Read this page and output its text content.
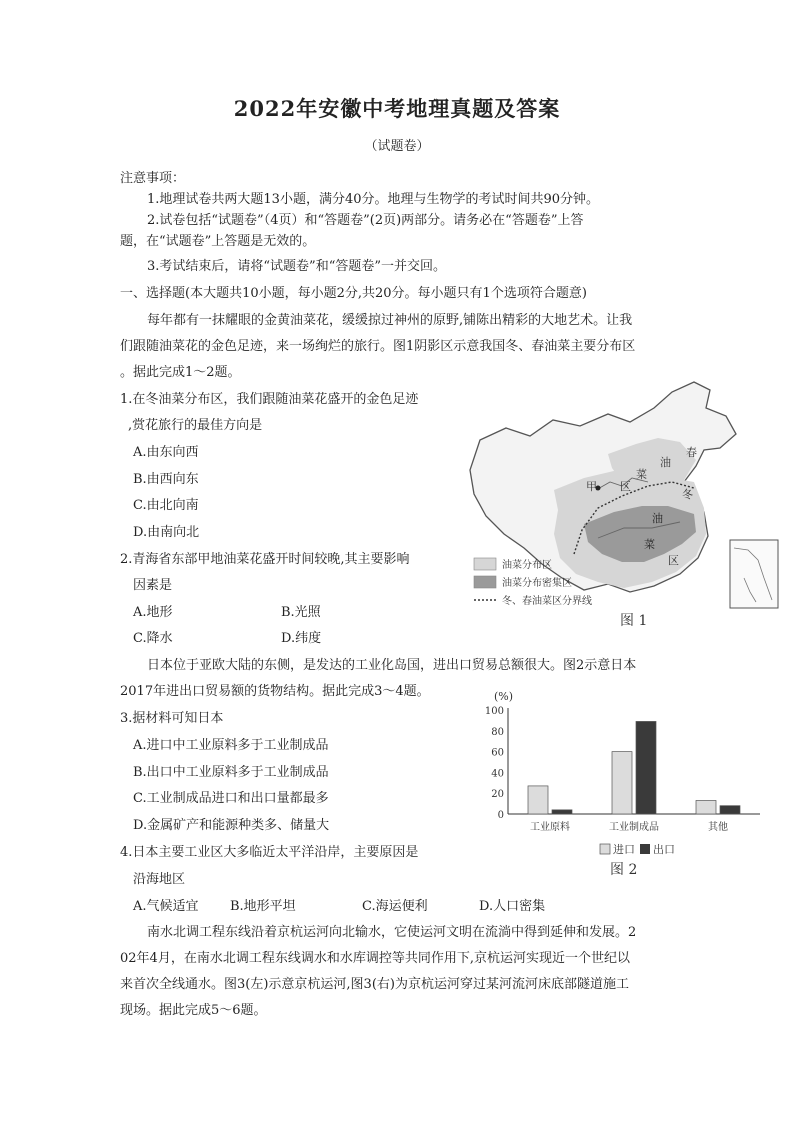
2022年安徽中考地理真题及答案
（试题卷）
注意事项：
1.地理试卷共两大题13小题，满分40分。地理与生物学的考试时间共90分钟。
2.试卷包括“试题卷”（4页）和“答题卷”(2页)两部分。请务必在“答题卷”上答
题，在“试题卷”上答题是无效的。
3.考试结束后，请将“试题卷”和“答题卷”一并交回。
一、选择题(本大题共10小题，每小题2分,共20分。每小题只有1个选项符合题意)
每年都有一抹耀眼的金黄油菜花，缓缓掠过神州的原野,铺陈出精彩的大地艺术。让我
们跟随油菜花的金色足迹，来一场绚烂的旅行。图1阴影区示意我国冬、春油菜主要分布区
。据此完成1～2题。
1.在冬油菜分布区，我们跟随油菜花盛开的金色足迹
,赏花旅行的最佳方向是
A.由东向西
B.由西向东
C.由北向南
D.由南向北
2.青海省东部甲地油菜花盛开时间较晚,其主要影响
因素是
A.地形	B.光照
C.降水	D.纬度
日本位于亚欧大陆的东侧，是发达的工业化岛国，进出口贸易总额很大。图2示意日本
2017年进出口贸易额的货物结构。据此完成3～4题。
3.据材料可知日本
A.进口中工业原料多于工业制成品
B.出口中工业原料多于工业制成品
C.工业制成品进口和出口量都最多
D.金属矿产和能源种类多、储量大
4.日本主要工业区大多临近太平洋沿岸，主要原因是
沿海地区
A.气候适宜 B.地形平坦	C.海运便利	D.人口密集
南水北调工程东线沿着京杭运河向北输水，它使运河文明在流淌中得到延伸和发展。2
02年4月，在南水北调工程东线调水和水库调控等共同作用下,京杭运河实现近一个世纪以
来首次全线通水。图3(左)示意京杭运河,图3(右)为京杭运河穿过某河流河床底部隧道施工
现场。据此完成5～6题。
甲
春
油
菜
区
冬
油
菜
区
油菜分布区
油菜分布密集区
冬、春油菜区分界线
图 1
(%)
0
20
40
60
80
100
工业原料	工业制成品	其他
进口 出口
图 2
